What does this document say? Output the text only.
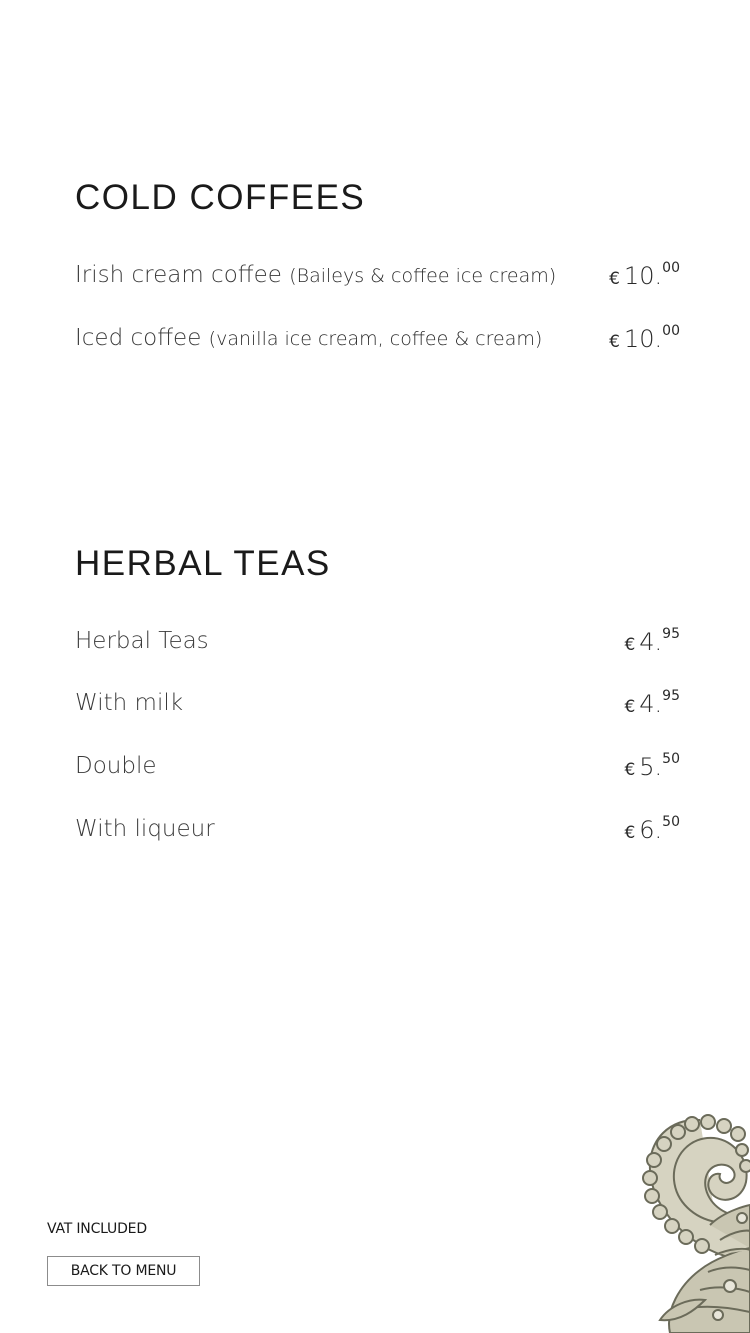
COLD COFFEES
Irish cream coffee (Baileys & coffee ice cream)	€ 10.00
Iced coffee (vanilla ice cream, coffee & cream)	€ 10.00
HERBAL TEAS
Herbal Teas	€ 4.95
With milk	€ 4.95
Double	€ 5.50
With liqueur	€ 6.50
VAT INCLUDED
BACK TO MENU
